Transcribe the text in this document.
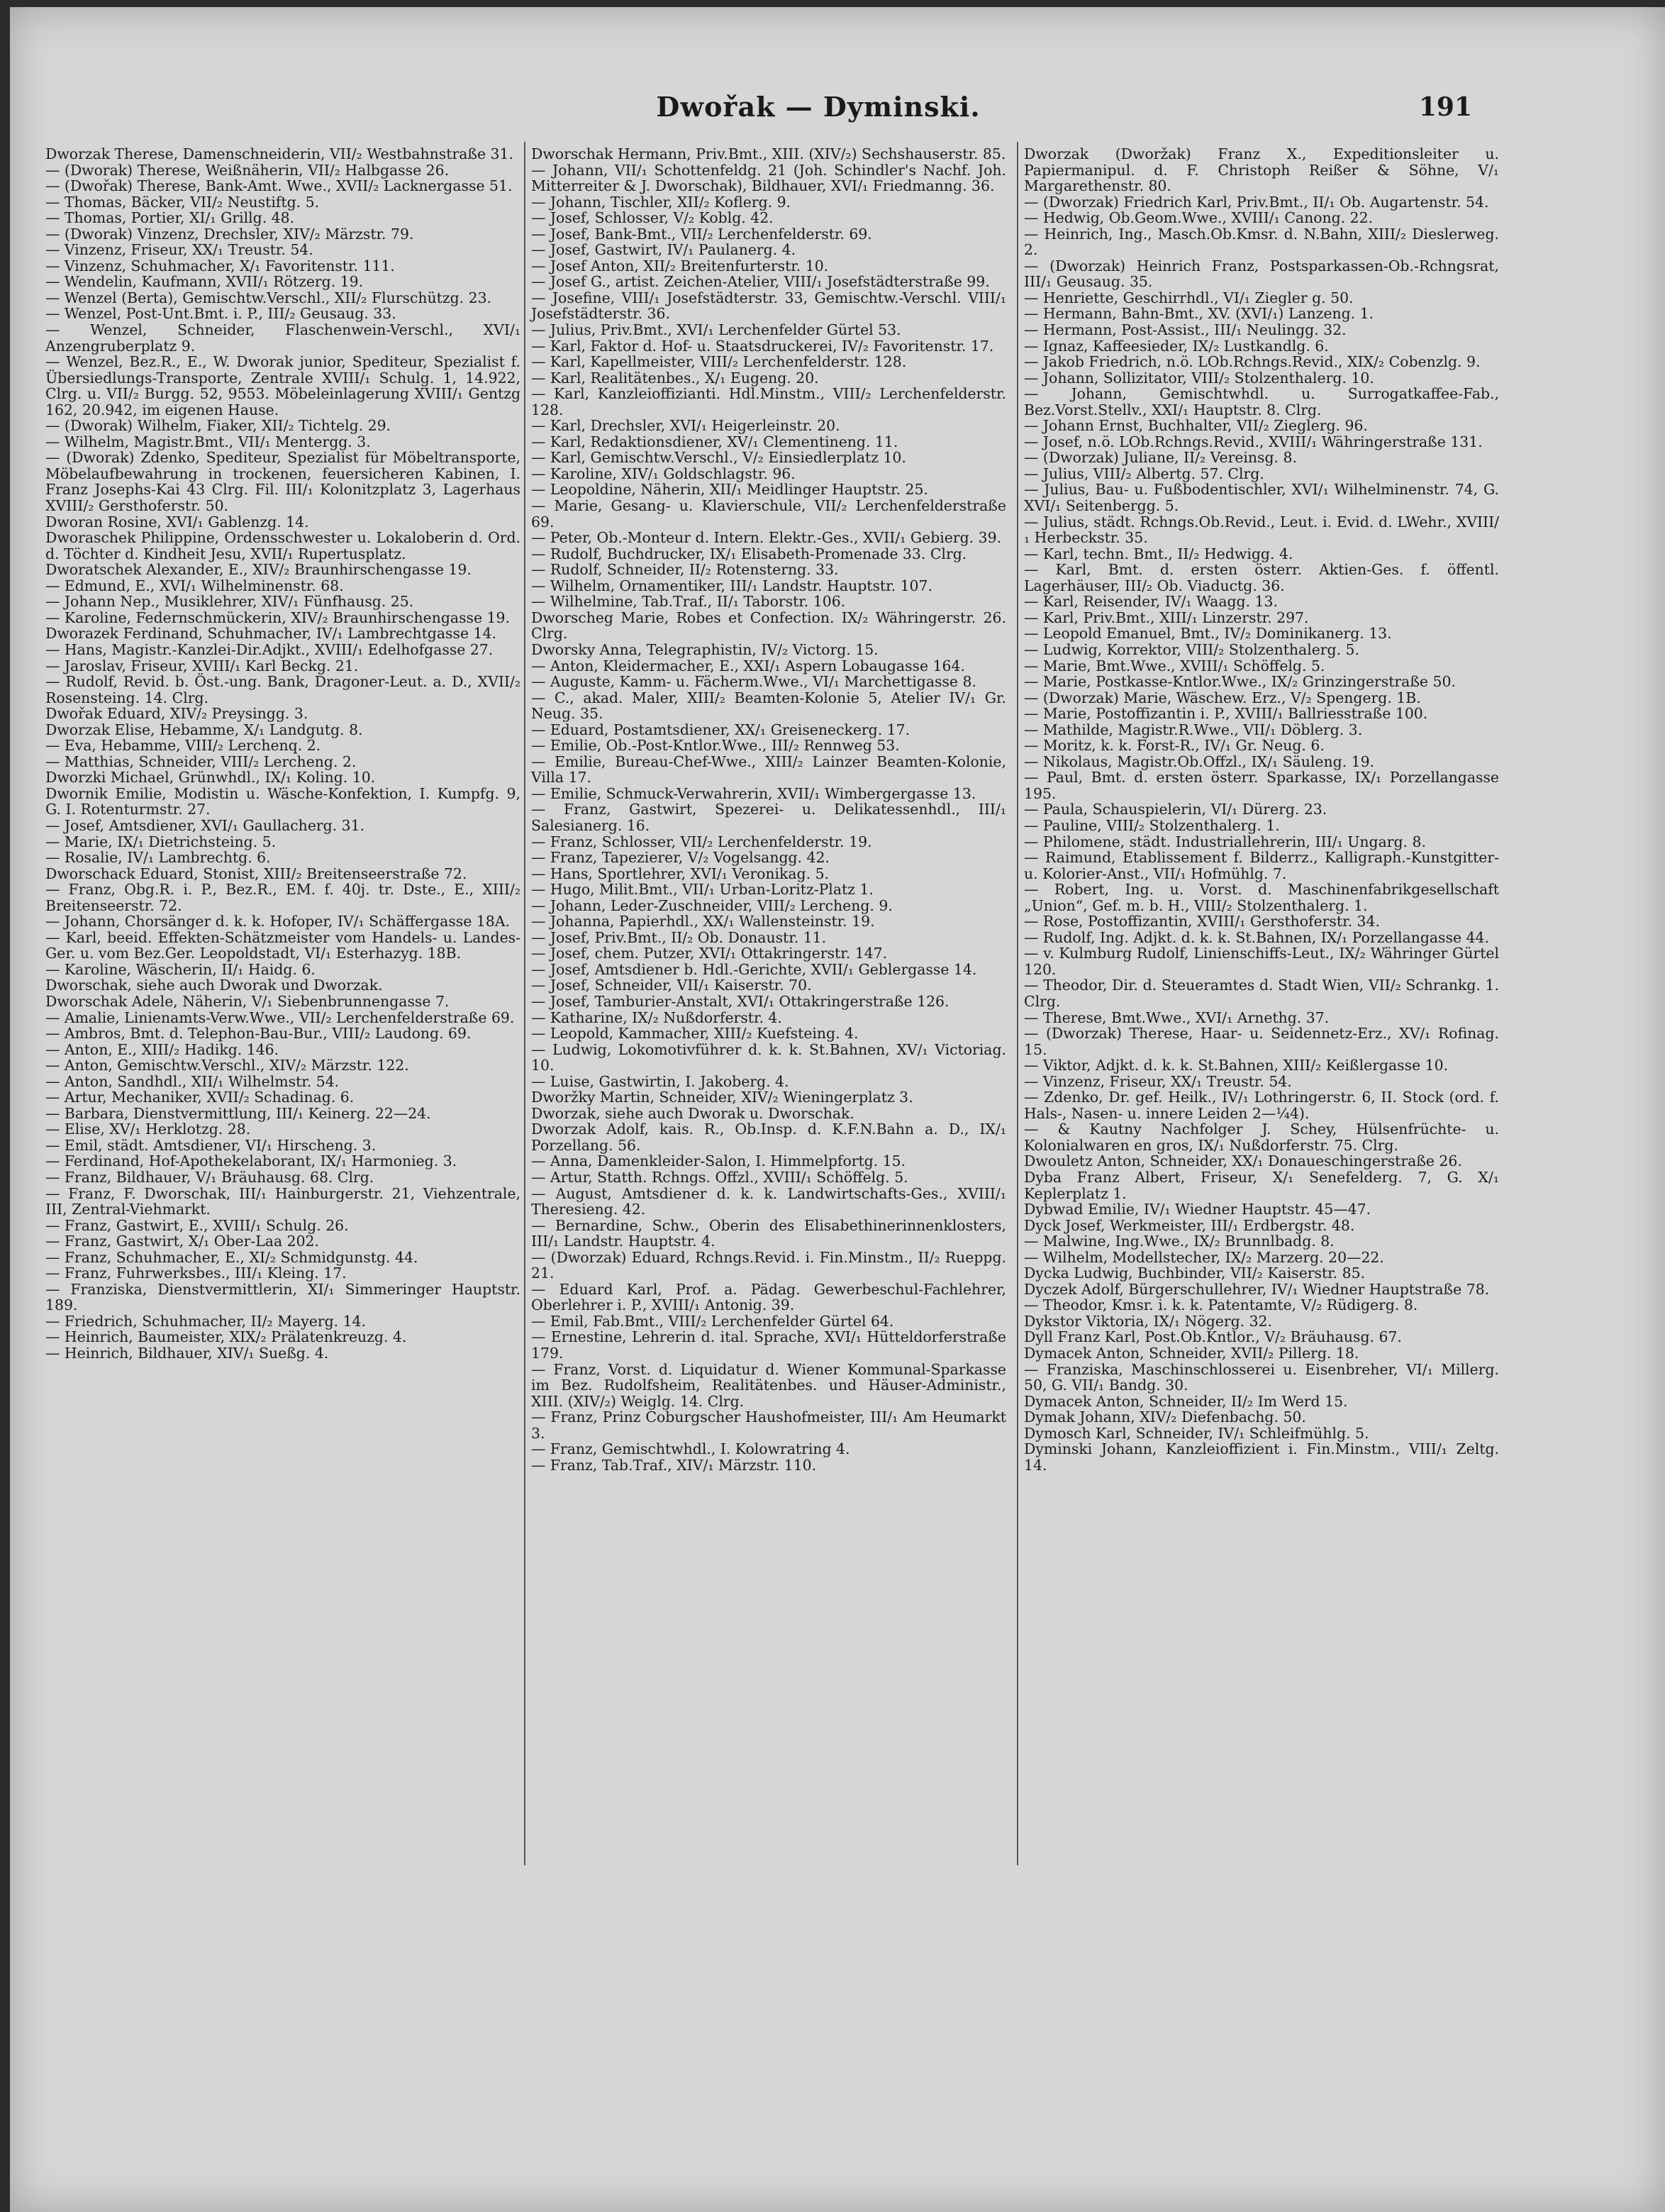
Dwořak — Dyminski.	191

Dworzak Therese, Damenschneiderin, VII/₂ Westbahnstraße 31.

— (Dworak) Therese, Weißnäherin, VII/₂ Halbgasse 26.

— (Dwořak) Therese, Bank-Amt. Wwe., XVII/₂ Lacknergasse 51.

— Thomas, Bäcker, VII/₂ Neustiftg. 5.

— Thomas, Portier, XI/₁ Grillg. 48.

— (Dworak) Vinzenz, Drechsler, XIV/₂ Märzstr. 79.

— Vinzenz, Friseur, XX/₁ Treustr. 54.

— Vinzenz, Schuhmacher, X/₁ Favoritenstr. 111.

— Wendelin, Kaufmann, XVII/₁ Rötzerg. 19.

— Wenzel (Berta), Gemischtw.Verschl., XII/₂ Flurschützg. 23.

— Wenzel, Post-Unt.Bmt. i. P., III/₂ Geusaug. 33.

— Wenzel, Schneider, Flaschenwein-Verschl., XVI/₁ Anzengruberplatz 9.

— Wenzel, Bez.R., E., W. Dworak junior, Spediteur, Spezialist f. Übersiedlungs-Transporte, Zentrale XVIII/₁ Schulg. 1, 14.922, Clrg. u. VII/₂ Burgg. 52, 9553. Möbeleinlagerung XVIII/₁ Gentzg 162, 20.942, im eigenen Hause.

— (Dworak) Wilhelm, Fiaker, XII/₂ Tichtelg. 29.

— Wilhelm, Magistr.Bmt., VII/₁ Mentergg. 3.

— (Dworak) Zdenko, Spediteur, Spezialist für Möbeltransporte, Möbelaufbewahrung in trockenen, feuersicheren Kabinen, I. Franz Josephs-Kai 43 Clrg. Fil. III/₁ Kolonitzplatz 3, Lagerhaus XVIII/₂ Gersthoferstr. 50.

Dworan Rosine, XVI/₁ Gablenzg. 14.

Dworaschek Philippine, Ordensschwester u. Lokaloberin d. Ord. d. Töchter d. Kindheit Jesu, XVII/₁ Rupertusplatz.

Dworatschek Alexander, E., XIV/₂ Braunhirschengasse 19.

— Edmund, E., XVI/₁ Wilhelminenstr. 68.

— Johann Nep., Musiklehrer, XIV/₁ Fünfhausg. 25.

— Karoline, Federnschmückerin, XIV/₂ Braunhirschengasse 19.

Dworazek Ferdinand, Schuhmacher, IV/₁ Lambrechtgasse 14.

— Hans, Magistr.-Kanzlei-Dir.Adjkt., XVIII/₁ Edelhofgasse 27.

— Jaroslav, Friseur, XVIII/₁ Karl Beckg. 21.

— Rudolf, Revid. b. Öst.-ung. Bank, Dragoner-Leut. a. D., XVII/₂ Rosensteing. 14. Clrg.

Dwořak Eduard, XIV/₂ Preysingg. 3.

Dworzak Elise, Hebamme, X/₁ Landgutg. 8.

— Eva, Hebamme, VIII/₂ Lerchenq. 2.

— Matthias, Schneider, VIII/₂ Lercheng. 2.

Dworzki Michael, Grünwhdl., IX/₁ Koling. 10.

Dwornik Emilie, Modistin u. Wäsche-Konfektion, I. Kumpfg. 9, G. I. Rotenturmstr. 27.

— Josef, Amtsdiener, XVI/₁ Gaullacherg. 31.

— Marie, IX/₁ Dietrichsteing. 5.

— Rosalie, IV/₁ Lambrechtg. 6.

Dworschack Eduard, Stonist, XIII/₂ Breitenseerstraße 72.

— Franz, Obg.R. i. P., Bez.R., EM. f. 40j. tr. Dste., E., XIII/₂ Breitenseerstr. 72.

— Johann, Chorsänger d. k. k. Hofoper, IV/₁ Schäffergasse 18A.

— Karl, beeid. Effekten-Schätzmeister vom Handels- u. Landes-Ger. u. vom Bez.Ger. Leopoldstadt, VI/₁ Esterhazyg. 18B.

— Karoline, Wäscherin, II/₁ Haidg. 6.

Dworschak, siehe auch Dworak und Dworzak.

Dworschak Adele, Näherin, V/₁ Siebenbrunnengasse 7.

— Amalie, Linienamts-Verw.Wwe., VII/₂ Lerchenfelderstraße 69.

— Ambros, Bmt. d. Telephon-Bau-Bur., VIII/₂ Laudong. 69.

— Anton, E., XIII/₂ Hadikg. 146.

— Anton, Gemischtw.Verschl., XIV/₂ Märzstr. 122.

— Anton, Sandhdl., XII/₁ Wilhelmstr. 54.

— Artur, Mechaniker, XVII/₂ Schadinag. 6.

— Barbara, Dienstvermittlung, III/₁ Keinerg. 22—24.

— Elise, XV/₁ Herklotzg. 28.

— Emil, städt. Amtsdiener, VI/₁ Hirscheng. 3.

— Ferdinand, Hof-Apothekelaborant, IX/₁ Harmonieg. 3.

— Franz, Bildhauer, V/₁ Bräuhausg. 68. Clrg.

— Franz, F. Dworschak, III/₁ Hainburgerstr. 21, Viehzentrale, III, Zentral-Viehmarkt.

— Franz, Gastwirt, E., XVIII/₁ Schulg. 26.

— Franz, Gastwirt, X/₁ Ober-Laa 202.

— Franz, Schuhmacher, E., XI/₂ Schmidgunstg. 44.

— Franz, Fuhrwerksbes., III/₁ Kleing. 17.

— Franziska, Dienstvermittlerin, XI/₁ Simmeringer Hauptstr. 189.

— Friedrich, Schuhmacher, II/₂ Mayerg. 14.

— Heinrich, Baumeister, XIX/₂ Prälatenkreuzg. 4.

— Heinrich, Bildhauer, XIV/₁ Sueßg. 4.

Dworschak Hermann, Priv.Bmt., XIII. (XIV/₂) Sechshauserstr. 85.

— Johann, VII/₁ Schottenfeldg. 21 (Joh. Schindler's Nachf. Joh. Mitterreiter & J. Dworschak), Bildhauer, XVI/₁ Friedmanng. 36.

— Johann, Tischler, XII/₂ Koflerg. 9.

— Josef, Schlosser, V/₂ Koblg. 42.

— Josef, Bank-Bmt., VII/₂ Lerchenfelderstr. 69.

— Josef, Gastwirt, IV/₁ Paulanerg. 4.

— Josef Anton, XII/₂ Breitenfurterstr. 10.

— Josef G., artist. Zeichen-Atelier, VIII/₁ Josefstädterstraße 99.

— Josefine, VIII/₁ Josefstädterstr. 33, Gemischtw.-Verschl. VIII/₁ Josefstädterstr. 36.

— Julius, Priv.Bmt., XVI/₁ Lerchenfelder Gürtel 53.

— Karl, Faktor d. Hof- u. Staatsdruckerei, IV/₂ Favoritenstr. 17.

— Karl, Kapellmeister, VIII/₂ Lerchenfelderstr. 128.

— Karl, Realitätenbes., X/₁ Eugeng. 20.

— Karl, Kanzleioffizianti. Hdl.Minstm., VIII/₂ Lerchenfelderstr. 128.

— Karl, Drechsler, XVI/₁ Heigerleinstr. 20.

— Karl, Redaktionsdiener, XV/₁ Clementineng. 11.

— Karl, Gemischtw.Verschl., V/₂ Einsiedlerplatz 10.

— Karoline, XIV/₁ Goldschlagstr. 96.

— Leopoldine, Näherin, XII/₁ Meidlinger Hauptstr. 25.

— Marie, Gesang- u. Klavierschule, VII/₂ Lerchenfelderstraße 69.

— Peter, Ob.-Monteur d. Intern. Elektr.-Ges., XVII/₁ Gebierg. 39.

— Rudolf, Buchdrucker, IX/₁ Elisabeth-Promenade 33. Clrg.

— Rudolf, Schneider, II/₂ Rotensterng. 33.

— Wilhelm, Ornamentiker, III/₁ Landstr. Hauptstr. 107.

— Wilhelmine, Tab.Traf., II/₁ Taborstr. 106.

Dworscheg Marie, Robes et Confection. IX/₂ Währingerstr. 26. Clrg.

Dworsky Anna, Telegraphistin, IV/₂ Victorg. 15.

— Anton, Kleidermacher, E., XXI/₁ Aspern Lobaugasse 164.

— Auguste, Kamm- u. Fächerm.Wwe., VI/₁ Marchettigasse 8.

— C., akad. Maler, XIII/₂ Beamten-Kolonie 5, Atelier IV/₁ Gr. Neug. 35.

— Eduard, Postamtsdiener, XX/₁ Greiseneckerg. 17.

— Emilie, Ob.-Post-Kntlor.Wwe., III/₂ Rennweg 53.

— Emilie, Bureau-Chef-Wwe., XIII/₂ Lainzer Beamten-Kolonie, Villa 17.

— Emilie, Schmuck-Verwahrerin, XVII/₁ Wimbergergasse 13.

— Franz, Gastwirt, Spezerei- u. Delikatessenhdl., III/₁ Salesianerg. 16.

— Franz, Schlosser, VII/₂ Lerchenfelderstr. 19.

— Franz, Tapezierer, V/₂ Vogelsangg. 42.

— Hans, Sportlehrer, XVI/₁ Veronikag. 5.

— Hugo, Milit.Bmt., VII/₁ Urban-Loritz-Platz 1.

— Johann, Leder-Zuschneider, VIII/₂ Lercheng. 9.

— Johanna, Papierhdl., XX/₁ Wallensteinstr. 19.

— Josef, Priv.Bmt., II/₂ Ob. Donaustr. 11.

— Josef, chem. Putzer, XVI/₁ Ottakringerstr. 147.

— Josef, Amtsdiener b. Hdl.-Gerichte, XVII/₁ Geblergasse 14.

— Josef, Schneider, VII/₁ Kaiserstr. 70.

— Josef, Tamburier-Anstalt, XVI/₁ Ottakringerstraße 126.

— Katharine, IX/₂ Nußdorferstr. 4.

— Leopold, Kammacher, XIII/₂ Kuefsteing. 4.

— Ludwig, Lokomotivführer d. k. k. St.Bahnen, XV/₁ Victoriag. 10.

— Luise, Gastwirtin, I. Jakoberg. 4.

Dworžky Martin, Schneider, XIV/₂ Wieningerplatz 3.

Dworzak, siehe auch Dworak u. Dworschak.

Dworzak Adolf, kais. R., Ob.Insp. d. K.F.N.Bahn a. D., IX/₁ Porzellang. 56.

— Anna, Damenkleider-Salon, I. Himmelpfortg. 15.

— Artur, Statth. Rchngs. Offzl., XVIII/₁ Schöffelg. 5.

— August, Amtsdiener d. k. k. Landwirtschafts-Ges., XVIII/₁ Theresieng. 42.

— Bernardine, Schw., Oberin des Elisabethinerinnenklosters, III/₁ Landstr. Hauptstr. 4.

— (Dworzak) Eduard, Rchngs.Revid. i. Fin.Minstm., II/₂ Rueppg. 21.

— Eduard Karl, Prof. a. Pädag. Gewerbeschul-Fachlehrer, Oberlehrer i. P., XVIII/₁ Antonig. 39.

— Emil, Fab.Bmt., VIII/₂ Lerchenfelder Gürtel 64.

— Ernestine, Lehrerin d. ital. Sprache, XVI/₁ Hütteldorferstraße 179.

— Franz, Vorst. d. Liquidatur d. Wiener Kommunal-Sparkasse im Bez. Rudolfsheim, Realitätenbes. und Häuser-Administr., XIII. (XIV/₂) Weiglg. 14. Clrg.

— Franz, Prinz Coburgscher Haushofmeister, III/₁ Am Heumarkt 3.

— Franz, Gemischtwhdl., I. Kolowratring 4.

— Franz, Tab.Traf., XIV/₁ Märzstr. 110.

Dworzak (Dworžak) Franz X., Expeditionsleiter u. Papiermanipul. d. F. Christoph Reißer & Söhne, V/₁ Margarethenstr. 80.

— (Dworzak) Friedrich Karl, Priv.Bmt., II/₁ Ob. Augartenstr. 54.

— Hedwig, Ob.Geom.Wwe., XVIII/₁ Canong. 22.

— Heinrich, Ing., Masch.Ob.Kmsr. d. N.Bahn, XIII/₂ Dieslerweg. 2.

— (Dworzak) Heinrich Franz, Postsparkassen-Ob.-Rchngsrat, III/₁ Geusaug. 35.

— Henriette, Geschirrhdl., VI/₁ Ziegler g. 50.

— Hermann, Bahn-Bmt., XV. (XVI/₁) Lanzeng. 1.

— Hermann, Post-Assist., III/₁ Neulingg. 32.

— Ignaz, Kaffeesieder, IX/₂ Lustkandlg. 6.

— Jakob Friedrich, n.ö. LOb.Rchngs.Revid., XIX/₂ Cobenzlg. 9.

— Johann, Sollizitator, VIII/₂ Stolzenthalerg. 10.

— Johann, Gemischtwhdl. u. Surrogatkaffee-Fab., Bez.Vorst.Stellv., XXI/₁ Hauptstr. 8. Clrg.

— Johann Ernst, Buchhalter, VII/₂ Zieglerg. 96.

— Josef, n.ö. LOb.Rchngs.Revid., XVIII/₁ Währingerstraße 131.

— (Dworzak) Juliane, II/₂ Vereinsg. 8.

— Julius, VIII/₂ Albertg. 57. Clrg.

— Julius, Bau- u. Fußbodentischler, XVI/₁ Wilhelminenstr. 74, G. XVI/₁ Seitenbergg. 5.

— Julius, städt. Rchngs.Ob.Revid., Leut. i. Evid. d. LWehr., XVIII/₁ Herbeckstr. 35.

— Karl, techn. Bmt., II/₂ Hedwigg. 4.

— Karl, Bmt. d. ersten österr. Aktien-Ges. f. öffentl. Lagerhäuser, III/₂ Ob. Viaductg. 36.

— Karl, Reisender, IV/₁ Waagg. 13.

— Karl, Priv.Bmt., XIII/₁ Linzerstr. 297.

— Leopold Emanuel, Bmt., IV/₂ Dominikanerg. 13.

— Ludwig, Korrektor, VIII/₂ Stolzenthalerg. 5.

— Marie, Bmt.Wwe., XVIII/₁ Schöffelg. 5.

— Marie, Postkasse-Kntlor.Wwe., IX/₂ Grinzingerstraße 50.

— (Dworzak) Marie, Wäschew. Erz., V/₂ Spengerg. 1B.

— Marie, Postoffizantin i. P., XVIII/₁ Ballriesstraße 100.

— Mathilde, Magistr.R.Wwe., VII/₁ Döblerg. 3.

— Moritz, k. k. Forst-R., IV/₁ Gr. Neug. 6.

— Nikolaus, Magistr.Ob.Offzl., IX/₁ Säuleng. 19.

— Paul, Bmt. d. ersten österr. Sparkasse, IX/₁ Porzellangasse 195.

— Paula, Schauspielerin, VI/₁ Dürerg. 23.

— Pauline, VIII/₂ Stolzenthalerg. 1.

— Philomene, städt. Industriallehrerin, III/₁ Ungarg. 8.

— Raimund, Etablissement f. Bilderrz., Kalligraph.-Kunstgitter- u. Kolorier-Anst., VII/₁ Hofmühlg. 7.

— Robert, Ing. u. Vorst. d. Maschinenfabrikgesellschaft „Union“, Gef. m. b. H., VIII/₂ Stolzenthalerg. 1.

— Rose, Postoffizantin, XVIII/₁ Gersthoferstr. 34.

— Rudolf, Ing. Adjkt. d. k. k. St.Bahnen, IX/₁ Porzellangasse 44.

— v. Kulmburg Rudolf, Linienschiffs-Leut., IX/₂ Währinger Gürtel 120.

— Theodor, Dir. d. Steueramtes d. Stadt Wien, VII/₂ Schrankg. 1. Clrg.

— Therese, Bmt.Wwe., XVI/₁ Arnethg. 37.

— (Dworzak) Therese, Haar- u. Seidennetz-Erz., XV/₁ Rofinag. 15.

— Viktor, Adjkt. d. k. k. St.Bahnen, XIII/₂ Keißlergasse 10.

— Vinzenz, Friseur, XX/₁ Treustr. 54.

— Zdenko, Dr. gef. Heilk., IV/₁ Lothringerstr. 6, II. Stock (ord. f. Hals-, Nasen- u. innere Leiden 2—¼4).

— & Kautny Nachfolger J. Schey, Hülsenfrüchte- u. Kolonialwaren en gros, IX/₁ Nußdorferstr. 75. Clrg.

Dwouletz Anton, Schneider, XX/₁ Donaueschingerstraße 26.

Dyba Franz Albert, Friseur, X/₁ Senefelderg. 7, G. X/₁ Keplerplatz 1.

Dybwad Emilie, IV/₁ Wiedner Hauptstr. 45—47.

Dyck Josef, Werkmeister, III/₁ Erdbergstr. 48.

— Malwine, Ing.Wwe., IX/₂ Brunnlbadg. 8.

— Wilhelm, Modellstecher, IX/₂ Marzerg. 20—22.

Dycka Ludwig, Buchbinder, VII/₂ Kaiserstr. 85.

Dyczek Adolf, Bürgerschullehrer, IV/₁ Wiedner Hauptstraße 78.

— Theodor, Kmsr. i. k. k. Patentamte, V/₂ Rüdigerg. 8.

Dykstor Viktoria, IX/₁ Nögerg. 32.

Dyll Franz Karl, Post.Ob.Kntlor., V/₂ Bräuhausg. 67.

Dymacek Anton, Schneider, XVII/₂ Pillerg. 18.

— Franziska, Maschinschlosserei u. Eisenbreher, VI/₁ Millerg. 50, G. VII/₁ Bandg. 30.

Dymacek Anton, Schneider, II/₂ Im Werd 15.

Dymak Johann, XIV/₂ Diefenbachg. 50.

Dymosch Karl, Schneider, IV/₁ Schleifmühlg. 5.

Dyminski Johann, Kanzleioffizient i. Fin.Minstm., VIII/₁ Zeltg. 14.
